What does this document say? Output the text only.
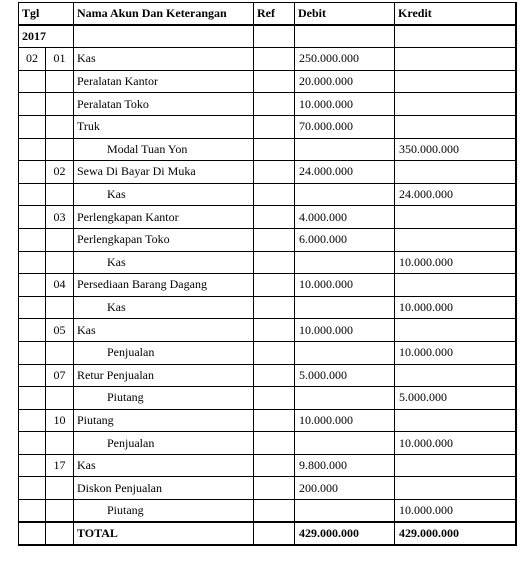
Tgl		Nama Akun Dan Keterangan	Ref	Debit	Kredit
2017					
02	01	Kas		250.000.000	
		Peralatan Kantor		20.000.000	
		Peralatan Toko		10.000.000	
		Truk		70.000.000	
		Modal Tuan Yon			350.000.000
	02	Sewa Di Bayar Di Muka		24.000.000	
		Kas			24.000.000
	03	Perlengkapan Kantor		4.000.000	
		Perlengkapan Toko		6.000.000	
		Kas			10.000.000
	04	Persediaan Barang Dagang		10.000.000	
		Kas			10.000.000
	05	Kas		10.000.000	
		Penjualan			10.000.000
	07	Retur Penjualan		5.000.000	
		Piutang			5.000.000
	10	Piutang		10.000.000	
		Penjualan			10.000.000
	17	Kas		9.800.000	
		Diskon Penjualan		200.000	
		Piutang			10.000.000
		TOTAL		429.000.000	429.000.000
